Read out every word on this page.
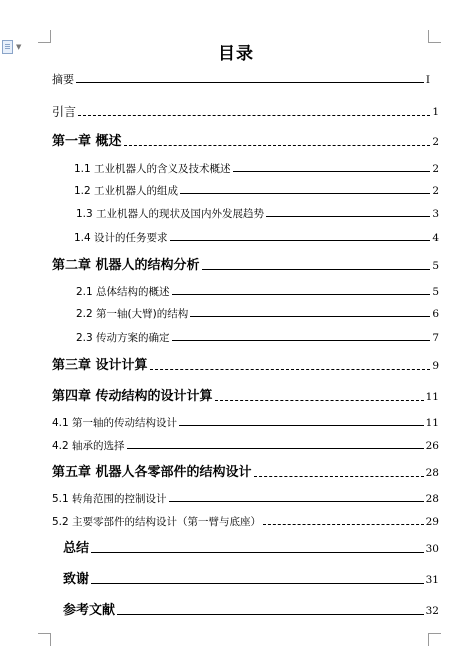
▼	目录
摘要	I
引言	1
第一章 概述	2
1.1 工业机器人的含义及技术概述	2
1.2 工业机器人的组成	2
1.3 工业机器人的现状及国内外发展趋势	3
1.4 设计的任务要求	4
第二章 机器人的结构分析	5
2.1 总体结构的概述	5
2.2 第一轴(大臂)的结构	6
2.3 传动方案的确定	7
第三章 设计计算	9
第四章 传动结构的设计计算	11
4.1 第一轴的传动结构设计	11
4.2 轴承的选择	26
第五章 机器人各零部件的结构设计	28
5.1 转角范围的控制设计	28
5.2 主要零部件的结构设计（第一臂与底座）	29
总结	30
致谢	31
参考文献	32
